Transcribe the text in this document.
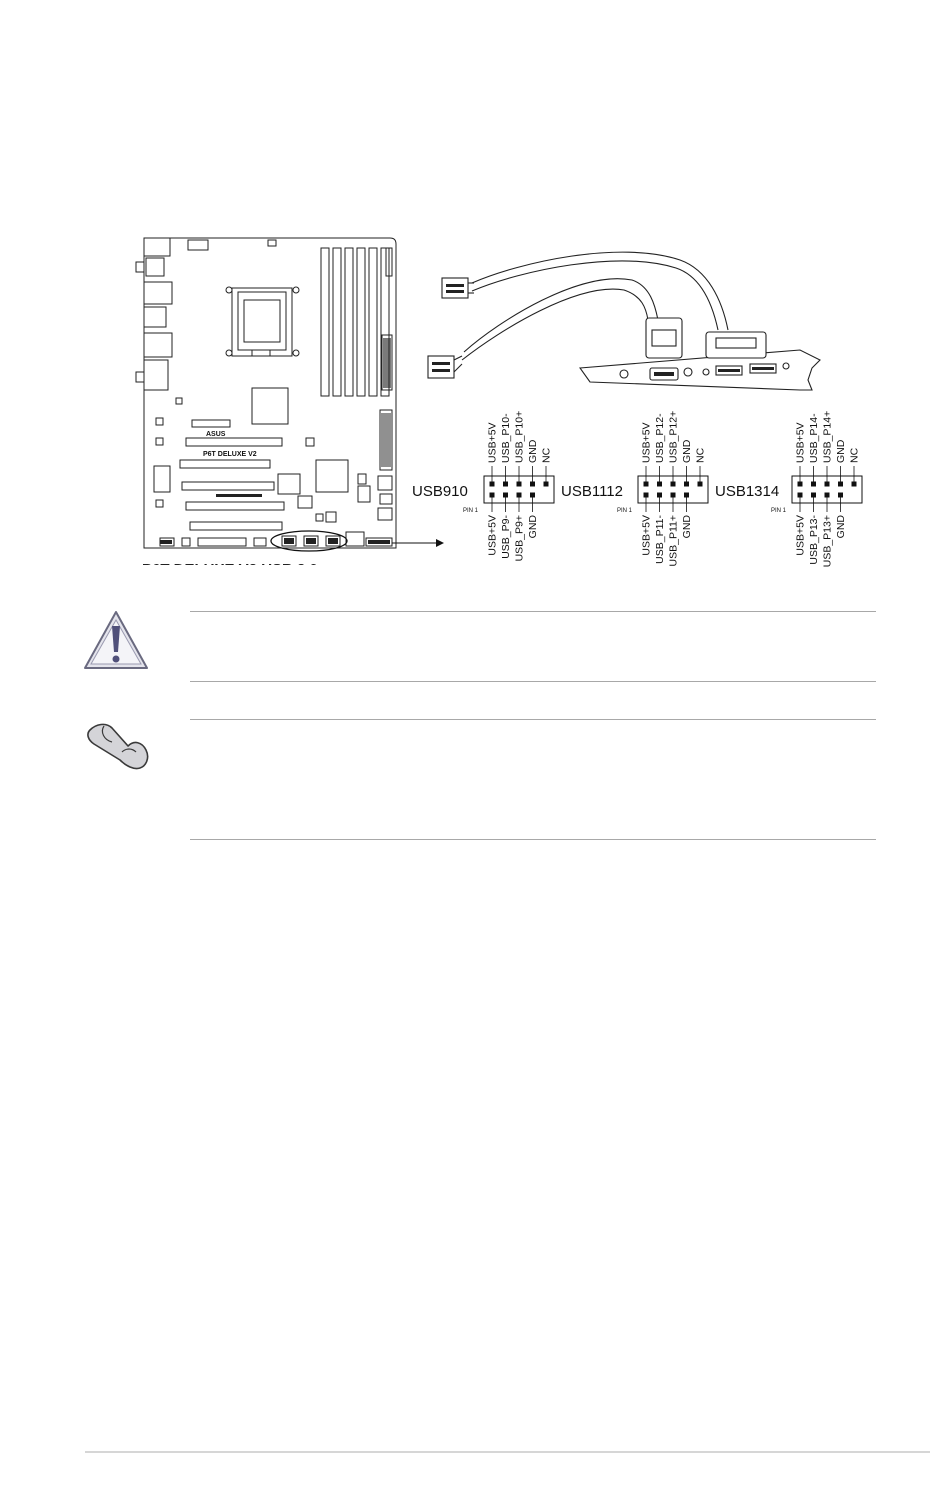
ASUS
P6T DELUXE V2
USB910
PIN 1
USB+5V USB_P10- USB_P10+ GND NC
USB+5V USB_P9- USB_P9+ GND
USB1112
PIN 1
USB+5V USB_P12- USB_P12+ GND NC
USB+5V USB_P11- USB_P11+ GND
USB1314
PIN 1
USB+5V USB_P14- USB_P14+ GND NC
USB+5V USB_P13- USB_P13+ GND
